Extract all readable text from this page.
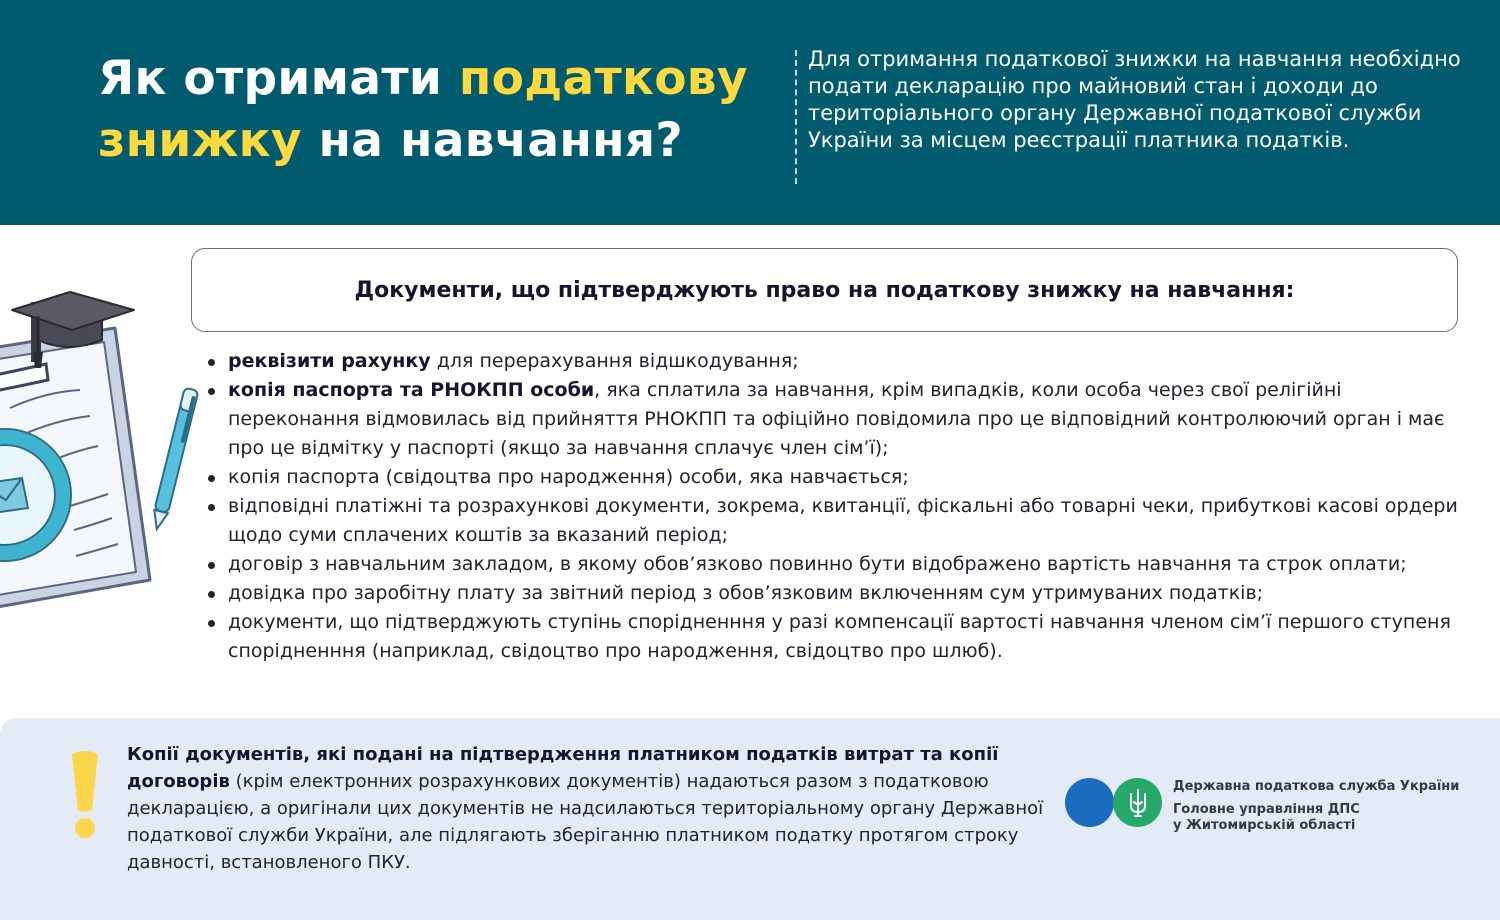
Як отримати податкову
знижку на навчання?

Для отримання податкової знижки на навчання необхідно подати декларацію про майновий стан і доходи до територіального органу Державної податкової служби України за місцем реєстрації платника податків.

Документи, що підтверджують право на податкову знижку на навчання:
реквізити рахунку для перерахування відшкодування;
копія паспорта та РНОКПП особи, яка сплатила за навчання, крім випадків, коли особа через свої релігійні переконання відмовилась від прийняття РНОКПП та офіційно повідомила про це відповідний контролюючий орган і має про це відмітку у паспорті (якщо за навчання сплачує член сім’ї);
копія паспорта (свідоцтва про народження) особи, яка навчається;
відповідні платіжні та розрахункові документи, зокрема, квитанції, фіскальні або товарні чеки, прибуткові касові ордери щодо суми сплачених коштів за вказаний період;
договір з навчальним закладом, в якому обов’язково повинно бути відображено вартість навчання та строк оплати;
довідка про заробітну плату за звітний період з обов’язковим включенням сум утримуваних податків;
документи, що підтверджують ступінь спорідненння у разі компенсації вартості навчання членом сім’ї першого ступеня спорідненння (наприклад, свідоцтво про народження, свідоцтво про шлюб).

Копії документів, які подані на підтвердження платником податків витрат та копії договорів (крім електронних розрахункових документів) надаються разом з податковою декларацією, а оригінали цих документів не надсилаються територіальному органу Державної податкової служби України, але підлягають зберіганню платником податку протягом строку давності, встановленого ПКУ.

Державна податкова служба України
Головне управління ДПС
у Житомирській області
